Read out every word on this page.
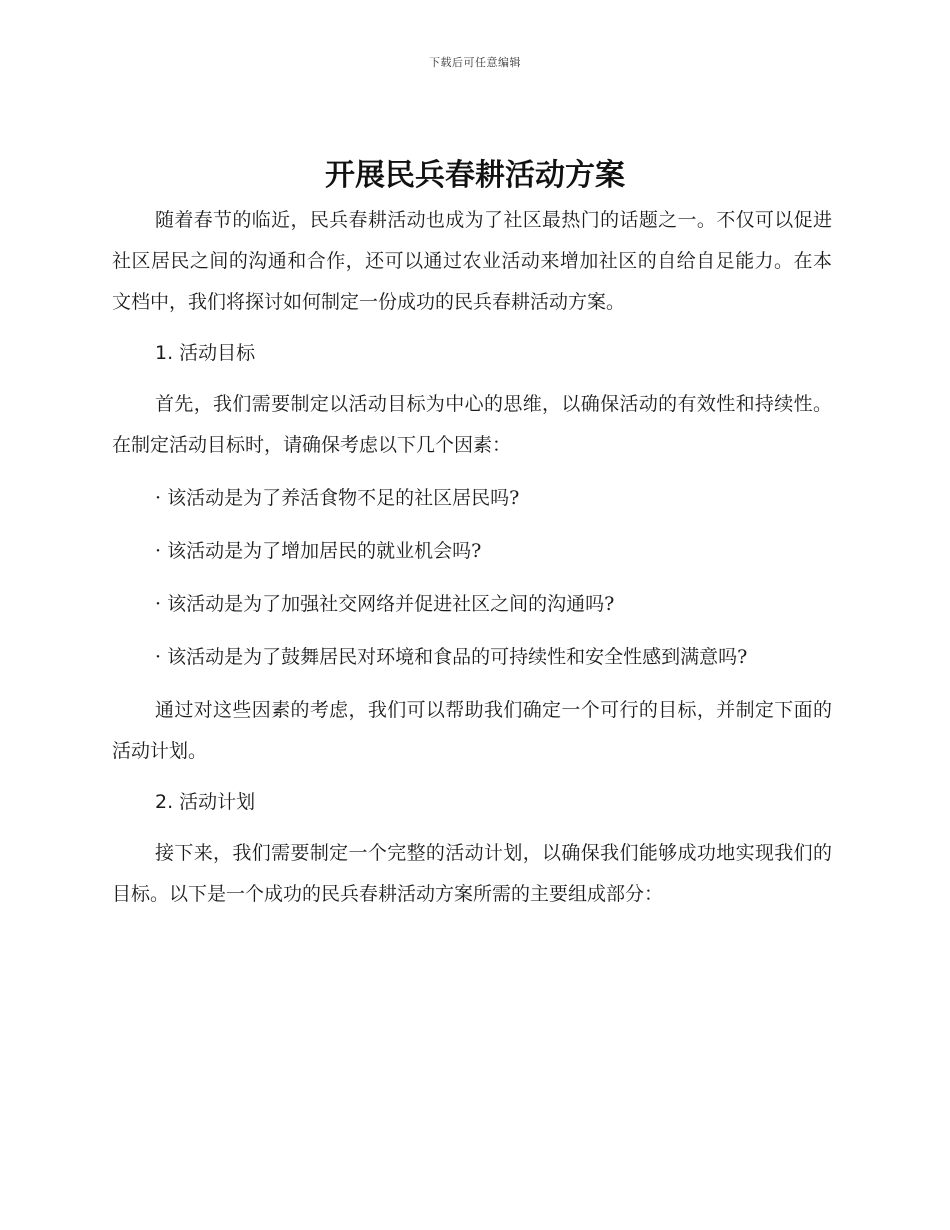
下载后可任意编辑
开展民兵春耕活动方案

随着春节的临近，民兵春耕活动也成为了社区最热门的话题之一。不仅可以促进社区居民之间的沟通和合作，还可以通过农业活动来增加社区的自给自足能力。在本文档中，我们将探讨如何制定一份成功的民兵春耕活动方案。

1. 活动目标

首先，我们需要制定以活动目标为中心的思维，以确保活动的有效性和持续性。在制定活动目标时，请确保考虑以下几个因素：

· 该活动是为了养活食物不足的社区居民吗?

· 该活动是为了增加居民的就业机会吗?

· 该活动是为了加强社交网络并促进社区之间的沟通吗?

· 该活动是为了鼓舞居民对环境和食品的可持续性和安全性感到满意吗?

通过对这些因素的考虑，我们可以帮助我们确定一个可行的目标，并制定下面的活动计划。

2. 活动计划

接下来，我们需要制定一个完整的活动计划，以确保我们能够成功地实现我们的目标。以下是一个成功的民兵春耕活动方案所需的主要组成部分：
